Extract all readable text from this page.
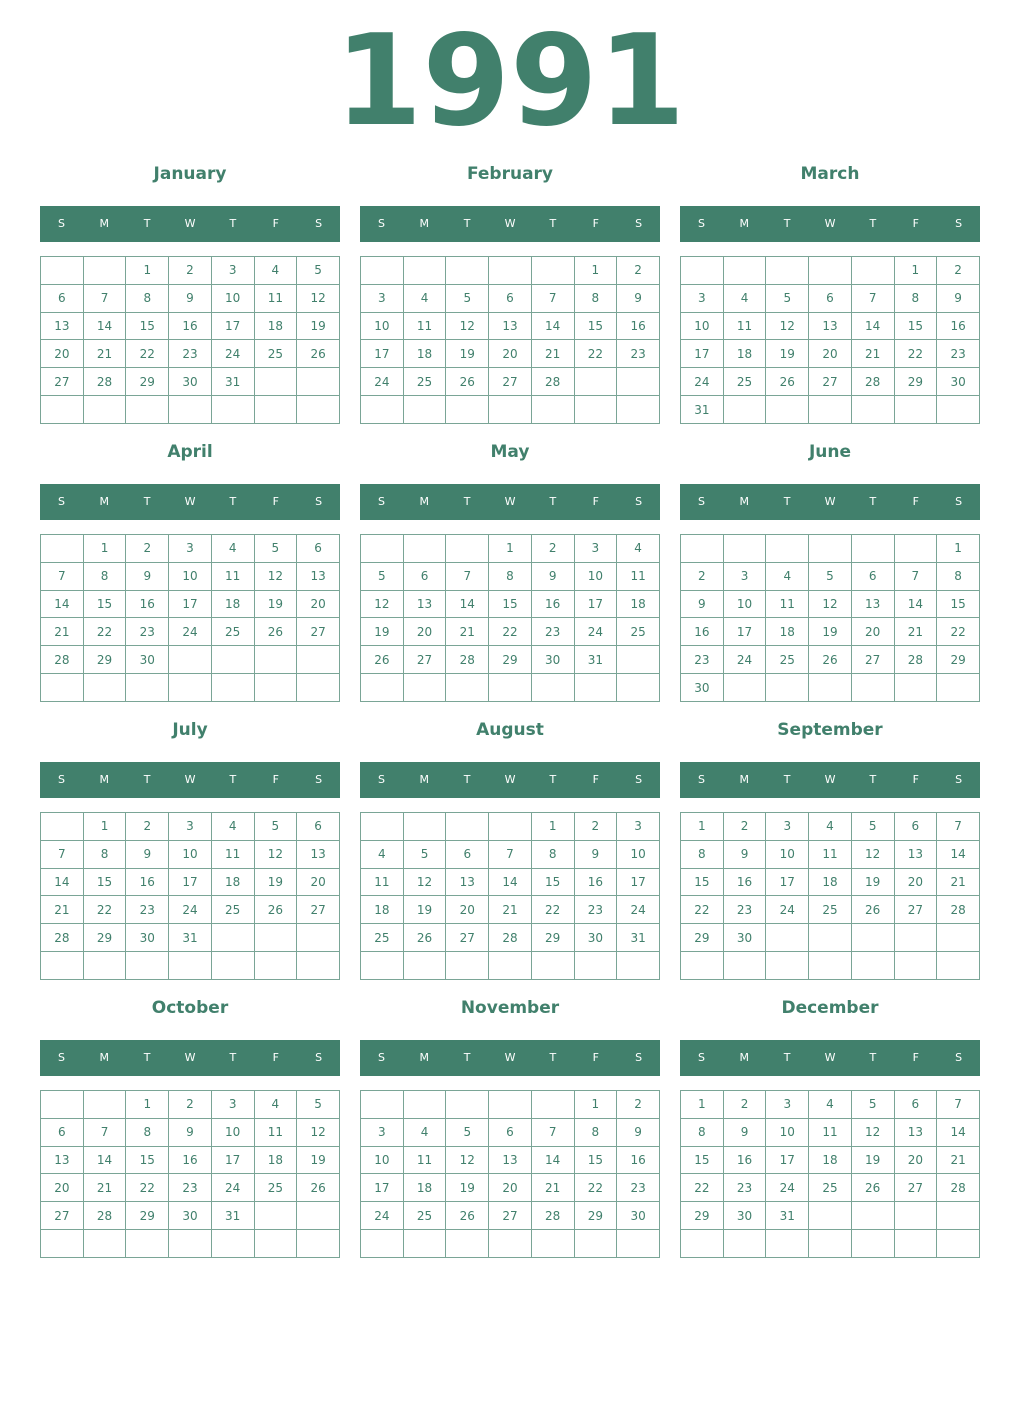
1991
January
S	M	T	W	T	F	S
		1	2	3	4	5
6	7	8	9	10	11	12
13	14	15	16	17	18	19
20	21	22	23	24	25	26
27	28	29	30	31		

February
S	M	T	W	T	F	S
					1	2
3	4	5	6	7	8	9
10	11	12	13	14	15	16
17	18	19	20	21	22	23
24	25	26	27	28		

March
S	M	T	W	T	F	S
					1	2
3	4	5	6	7	8	9
10	11	12	13	14	15	16
17	18	19	20	21	22	23
24	25	26	27	28	29	30
31						
April
S	M	T	W	T	F	S
	1	2	3	4	5	6
7	8	9	10	11	12	13
14	15	16	17	18	19	20
21	22	23	24	25	26	27
28	29	30				

May
S	M	T	W	T	F	S
			1	2	3	4
5	6	7	8	9	10	11
12	13	14	15	16	17	18
19	20	21	22	23	24	25
26	27	28	29	30	31	

June
S	M	T	W	T	F	S
						1
2	3	4	5	6	7	8
9	10	11	12	13	14	15
16	17	18	19	20	21	22
23	24	25	26	27	28	29
30						
July
S	M	T	W	T	F	S
	1	2	3	4	5	6
7	8	9	10	11	12	13
14	15	16	17	18	19	20
21	22	23	24	25	26	27
28	29	30	31			

August
S	M	T	W	T	F	S
				1	2	3
4	5	6	7	8	9	10
11	12	13	14	15	16	17
18	19	20	21	22	23	24
25	26	27	28	29	30	31

September
S	M	T	W	T	F	S
1	2	3	4	5	6	7
8	9	10	11	12	13	14
15	16	17	18	19	20	21
22	23	24	25	26	27	28
29	30					

October
S	M	T	W	T	F	S
		1	2	3	4	5
6	7	8	9	10	11	12
13	14	15	16	17	18	19
20	21	22	23	24	25	26
27	28	29	30	31		

November
S	M	T	W	T	F	S
					1	2
3	4	5	6	7	8	9
10	11	12	13	14	15	16
17	18	19	20	21	22	23
24	25	26	27	28	29	30

December
S	M	T	W	T	F	S
1	2	3	4	5	6	7
8	9	10	11	12	13	14
15	16	17	18	19	20	21
22	23	24	25	26	27	28
29	30	31				
